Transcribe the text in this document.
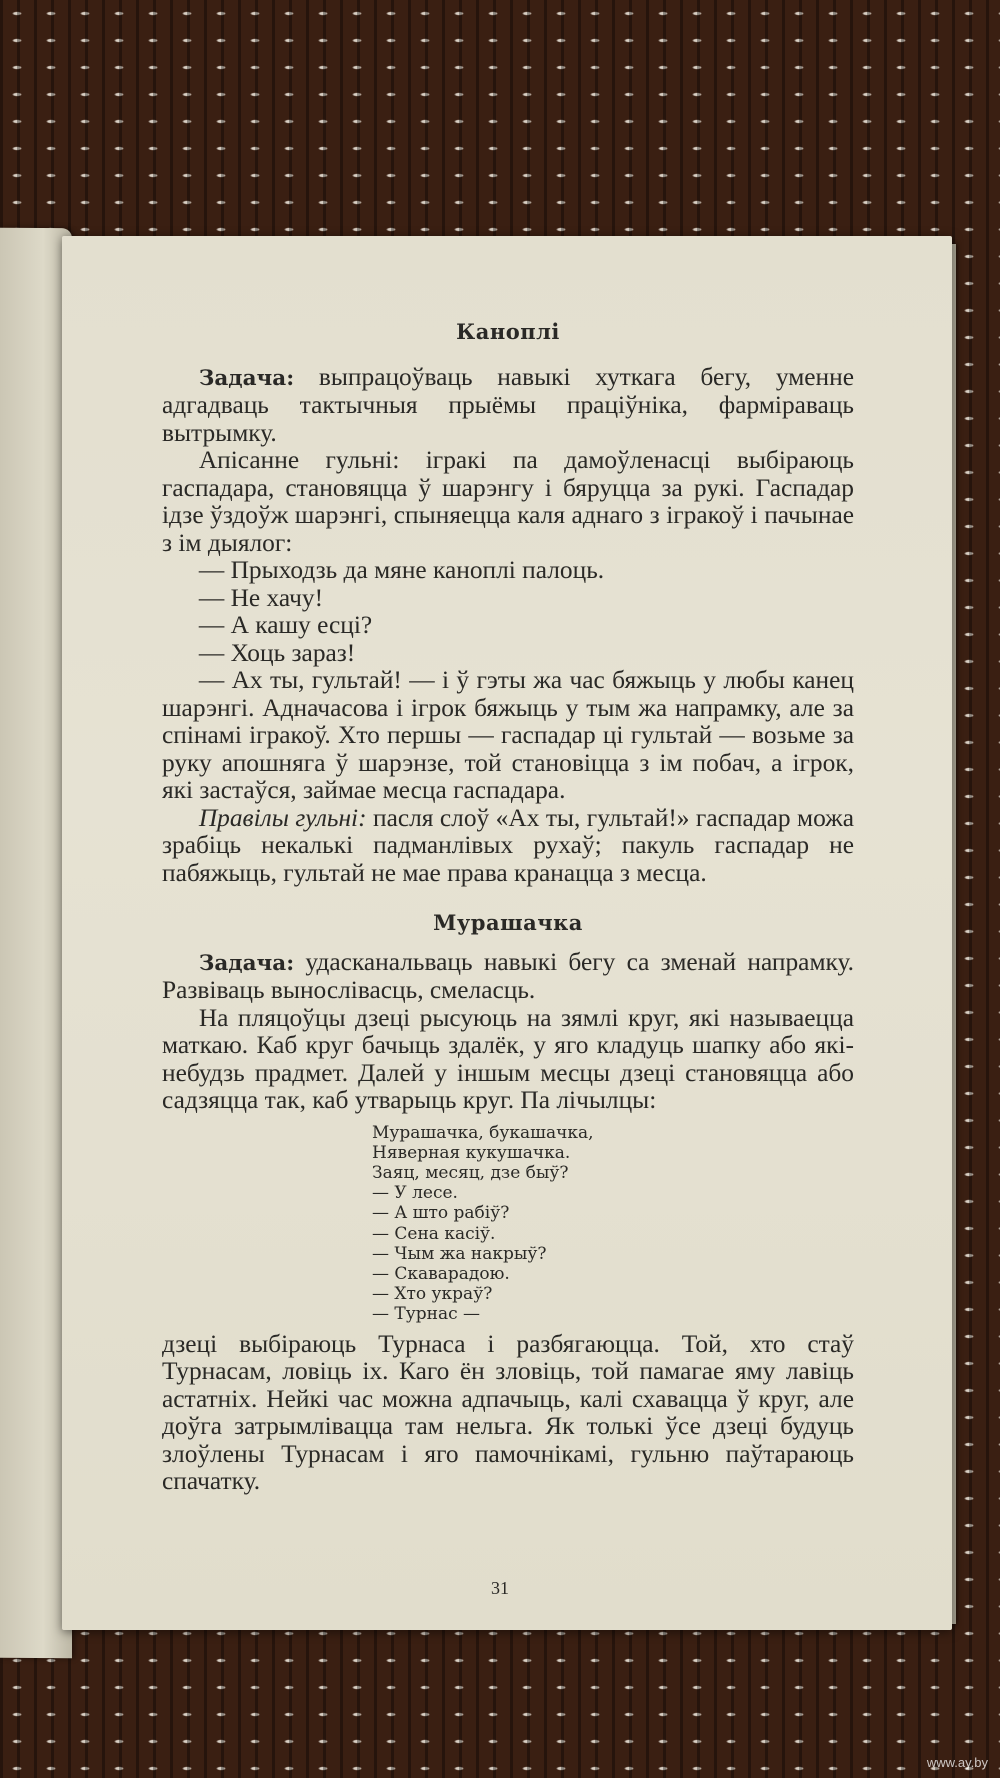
Каноплі

Задача: выпрацоўваць навыкі хуткага бегу, уменне адгадваць тактычныя прыёмы праціўніка, фарміраваць вытрымку.

Апісанне гульні: ігракі па дамоўленасці выбіраюць гаспадара, становяцца ў шарэнгу і бяруцца за рукі. Гаспадар ідзе ўздоўж шарэнгі, спыняецца каля аднаго з ігракоў і пачынае з ім дыялог:

— Прыходзь да мяне каноплі палоць.

— Не хачу!

— А кашу есці?

— Хоць зараз!

— Ах ты, гультай! — і ў гэты жа час бяжыць у любы канец шарэнгі. Адначасова і ігрок бяжыць у тым жа напрамку, але за спінамі ігракоў. Хто першы — гаспадар ці гультай — возьме за руку апошняга ў шарэнзе, той становіцца з ім побач, а ігрок, які застаўся, займае месца гаспадара.

Правілы гульні: пасля слоў «Ах ты, гультай!» гаспадар можа зрабіць некалькі падманлівых рухаў; пакуль гаспадар не пабяжыць, гультай не мае права кранацца з месца.

Мурашачка

Задача: удасканальваць навыкі бегу са зменай напрамку. Развіваць вынослівасць, смеласць.

На пляцоўцы дзеці рысуюць на зямлі круг, які называецца маткаю. Каб круг бачыць здалёк, у яго кладуць шапку або які-небудзь прадмет. Далей у іншым месцы дзеці становяцца або садзяцца так, каб утварыць круг. Па лічылцы:

Мурашачка, букашачка,
Няверная кукушачка.
Заяц, месяц, дзе быў?
— У лесе.
— А што рабіў?
— Сена касіў.
— Чым жа накрыў?
— Скаварадою.
— Хто украў?
— Турнас —

дзеці выбіраюць Турнаса і разбягаюцца. Той, хто стаў Турнасам, ловіць іх. Каго ён зловіць, той памагае яму лавіць астатніх. Нейкі час можна адпачыць, калі схавацца ў круг, але доўга затрымлівацца там нельга. Як толькі ўсе дзеці будуць злоўлены Турнасам і яго памочнікамі, гульню паўтараюць спачатку.

31
www.ay.by
